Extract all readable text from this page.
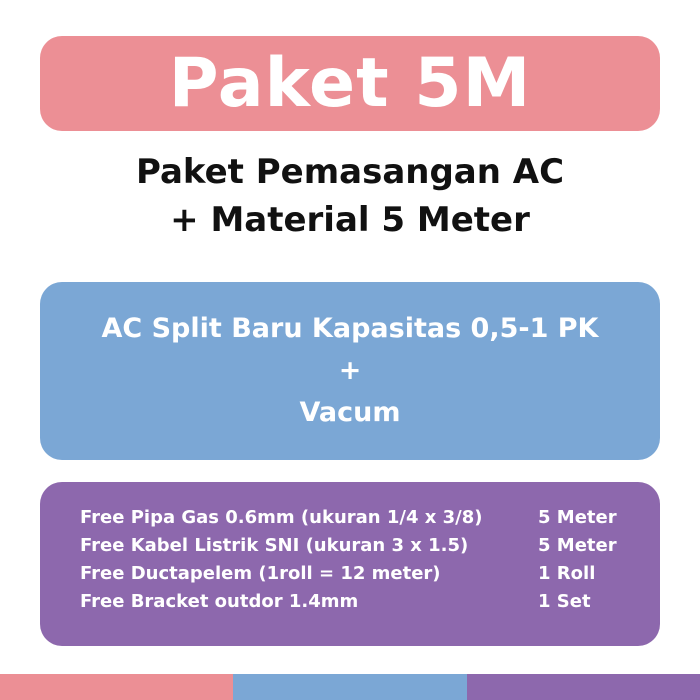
Paket 5M
Paket Pemasangan AC
+ Material 5 Meter
AC Split Baru Kapasitas 0,5-1 PK
+
Vacum
Free Pipa Gas 0.6mm (ukuran 1/4 x 3/8)	5 Meter
Free Kabel Listrik SNI (ukuran 3 x 1.5)	5 Meter
Free Ductapelem (1roll = 12 meter)	1 Roll
Free Bracket outdor 1.4mm	1 Set
